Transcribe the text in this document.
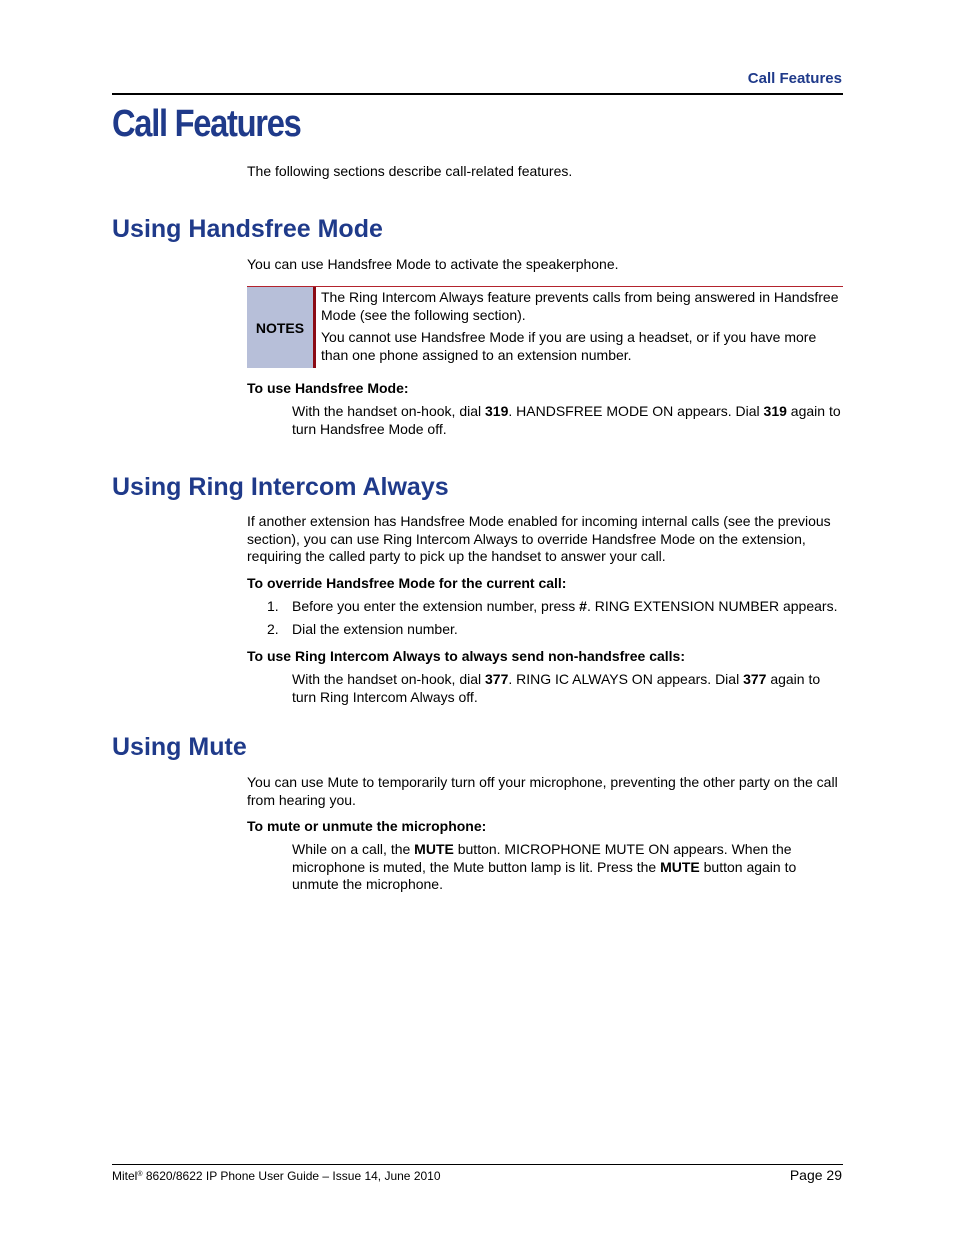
Call Features
Call Features
The following sections describe call-related features.
Using Handsfree Mode
You can use Handsfree Mode to activate the speakerphone.
NOTES
The Ring Intercom Always feature prevents calls from being answered in Handsfree Mode (see the following section).
You cannot use Handsfree Mode if you are using a headset, or if you have more than one phone assigned to an extension number.
To use Handsfree Mode:
With the handset on-hook, dial 319. HANDSFREE MODE ON appears. Dial 319 again to turn Handsfree Mode off.
Using Ring Intercom Always
If another extension has Handsfree Mode enabled for incoming internal calls (see the previous section), you can use Ring Intercom Always to override Handsfree Mode on the extension, requiring the called party to pick up the handset to answer your call.
To override Handsfree Mode for the current call:
1. Before you enter the extension number, press #. RING EXTENSION NUMBER appears.
2. Dial the extension number.
To use Ring Intercom Always to always send non-handsfree calls:
With the handset on-hook, dial 377. RING IC ALWAYS ON appears. Dial 377 again to turn Ring Intercom Always off.
Using Mute
You can use Mute to temporarily turn off your microphone, preventing the other party on the call from hearing you.
To mute or unmute the microphone:
While on a call, the MUTE button. MICROPHONE MUTE ON appears. When the microphone is muted, the Mute button lamp is lit. Press the MUTE button again to unmute the microphone.
Mitel® 8620/8622 IP Phone User Guide – Issue 14, June 2010	Page 29
